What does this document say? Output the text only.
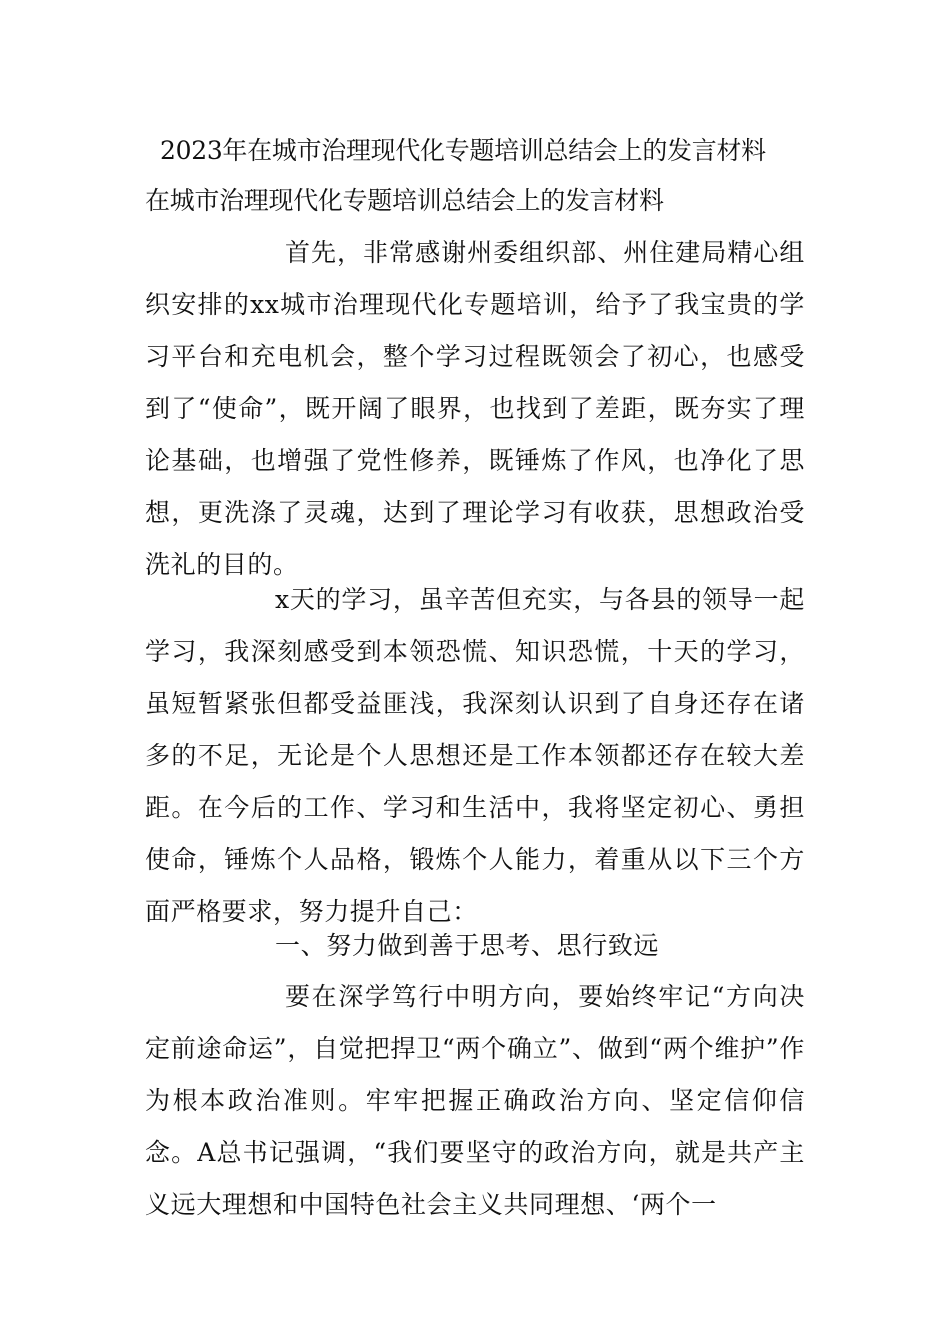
2023年在城市治理现代化专题培训总结会上的发言材料
在城市治理现代化专题培训总结会上的发言材料
首先，非常感谢州委组织部、州住建局精心组织安排的xx城市治理现代化专题培训，给予了我宝贵的学习平台和充电机会，整个学习过程既领会了初心，也感受到了“使命”，既开阔了眼界，也找到了差距，既夯实了理论基础，也增强了党性修养，既锤炼了作风，也净化了思想，更洗涤了灵魂，达到了理论学习有收获，思想政治受洗礼的目的。
x天的学习，虽辛苦但充实，与各县的领导一起学习，我深刻感受到本领恐慌、知识恐慌，十天的学习，虽短暂紧张但都受益匪浅，我深刻认识到了自身还存在诸多的不足，无论是个人思想还是工作本领都还存在较大差距。在今后的工作、学习和生活中，我将坚定初心、勇担使命，锤炼个人品格，锻炼个人能力，着重从以下三个方面严格要求，努力提升自己：
一、努力做到善于思考、思行致远
要在深学笃行中明方向，要始终牢记“方向决定前途命运”，自觉把捍卫“两个确立”、做到“两个维护”作为根本政治准则。牢牢把握正确政治方向、坚定信仰信念。A总书记强调，“我们要坚守的政治方向，就是共产主义远大理想和中国特色社会主义共同理想、‘两个一
